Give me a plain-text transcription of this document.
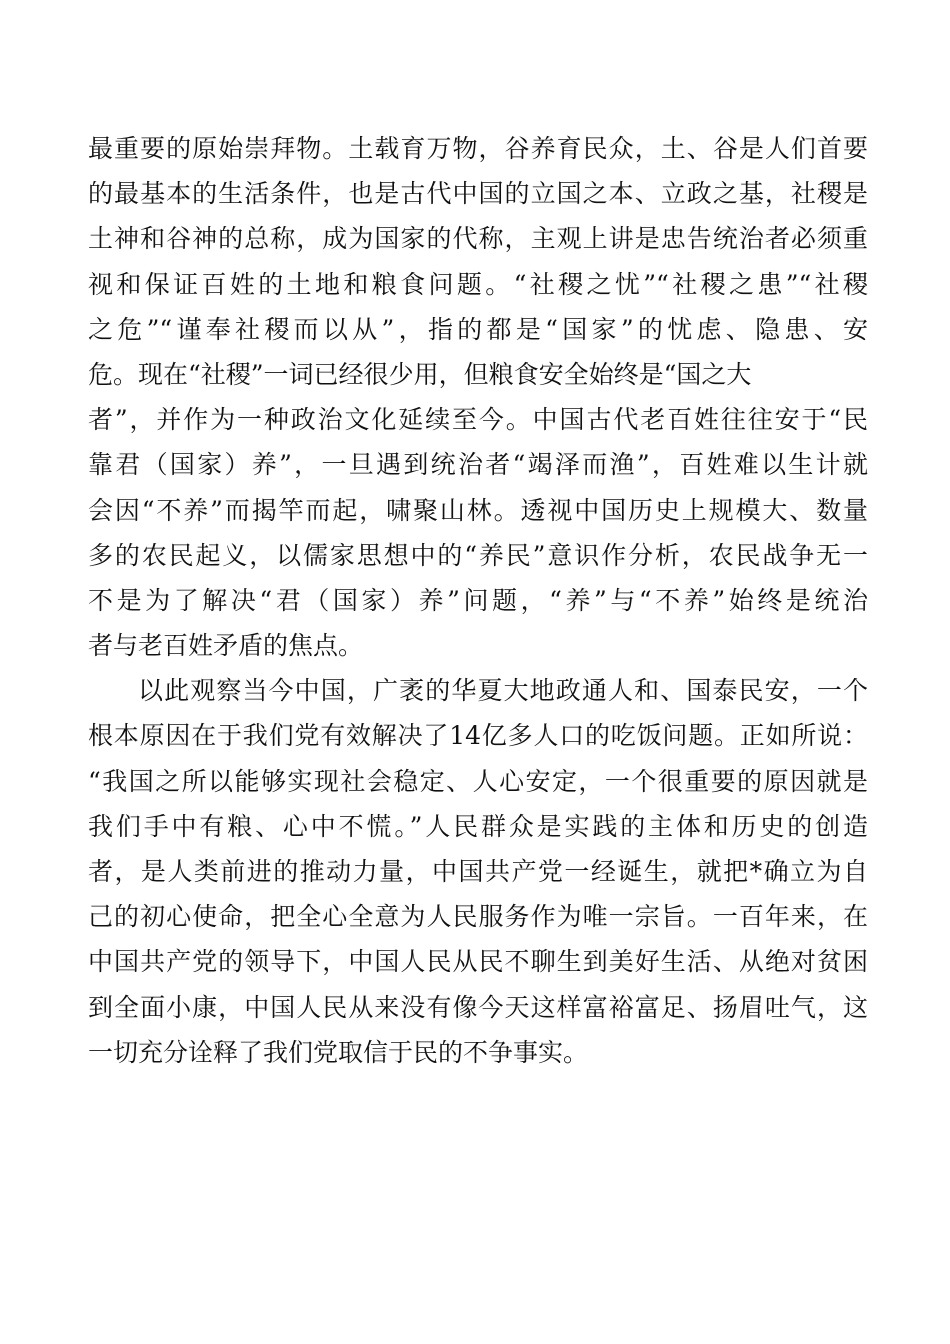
最重要的原始崇拜物。土载育万物，谷养育民众，土、谷是人们首要
的最基本的生活条件，也是古代中国的立国之本、立政之基，社稷是
土神和谷神的总称，成为国家的代称，主观上讲是忠告统治者必须重
视和保证百姓的土地和粮食问题。“社稷之忧”“社稷之患”“社稷
之危”“谨奉社稷而以从”，指的都是“国家”的忧虑、隐患、安
危。现在“社稷”一词已经很少用，但粮食安全始终是“国之大
者”，并作为一种政治文化延续至今。中国古代老百姓往往安于“民
靠君（国家）养”，一旦遇到统治者“竭泽而渔”，百姓难以生计就
会因“不养”而揭竿而起，啸聚山林。透视中国历史上规模大、数量
多的农民起义，以儒家思想中的“养民”意识作分析，农民战争无一
不是为了解决“君（国家）养”问题，“养”与“不养”始终是统治
者与老百姓矛盾的焦点。
以此观察当今中国，广袤的华夏大地政通人和、国泰民安，一个
根本原因在于我们党有效解决了14亿多人口的吃饭问题。正如所说：
“我国之所以能够实现社会稳定、人心安定，一个很重要的原因就是
我们手中有粮、心中不慌。”人民群众是实践的主体和历史的创造
者，是人类前进的推动力量，中国共产党一经诞生，就把*确立为自
己的初心使命，把全心全意为人民服务作为唯一宗旨。一百年来，在
中国共产党的领导下，中国人民从民不聊生到美好生活、从绝对贫困
到全面小康，中国人民从来没有像今天这样富裕富足、扬眉吐气，这
一切充分诠释了我们党取信于民的不争事实。
